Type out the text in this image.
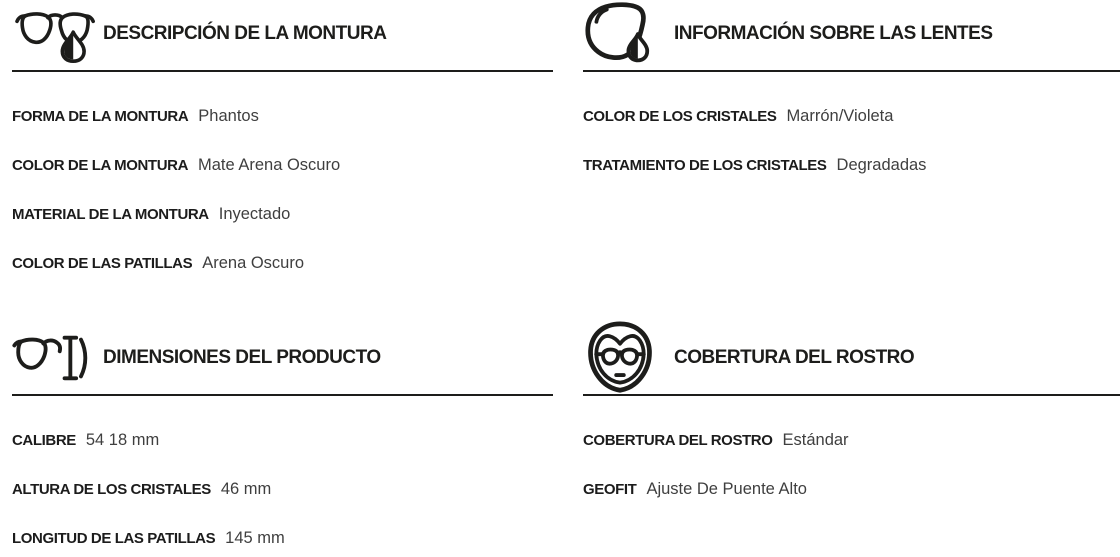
DESCRIPCIÓN DE LA MONTURA
FORMA DE LA MONTURA Phantos
COLOR DE LA MONTURA Mate Arena Oscuro
MATERIAL DE LA MONTURA Inyectado
COLOR DE LAS PATILLAS Arena Oscuro
INFORMACIÓN SOBRE LAS LENTES
COLOR DE LOS CRISTALES Marrón/Violeta
TRATAMIENTO DE LOS CRISTALES Degradadas
DIMENSIONES DEL PRODUCTO
CALIBRE 54 18 mm
ALTURA DE LOS CRISTALES 46 mm
LONGITUD DE LAS PATILLAS 145 mm
COBERTURA DEL ROSTRO
COBERTURA DEL ROSTRO Estándar
GEOFIT Ajuste De Puente Alto
